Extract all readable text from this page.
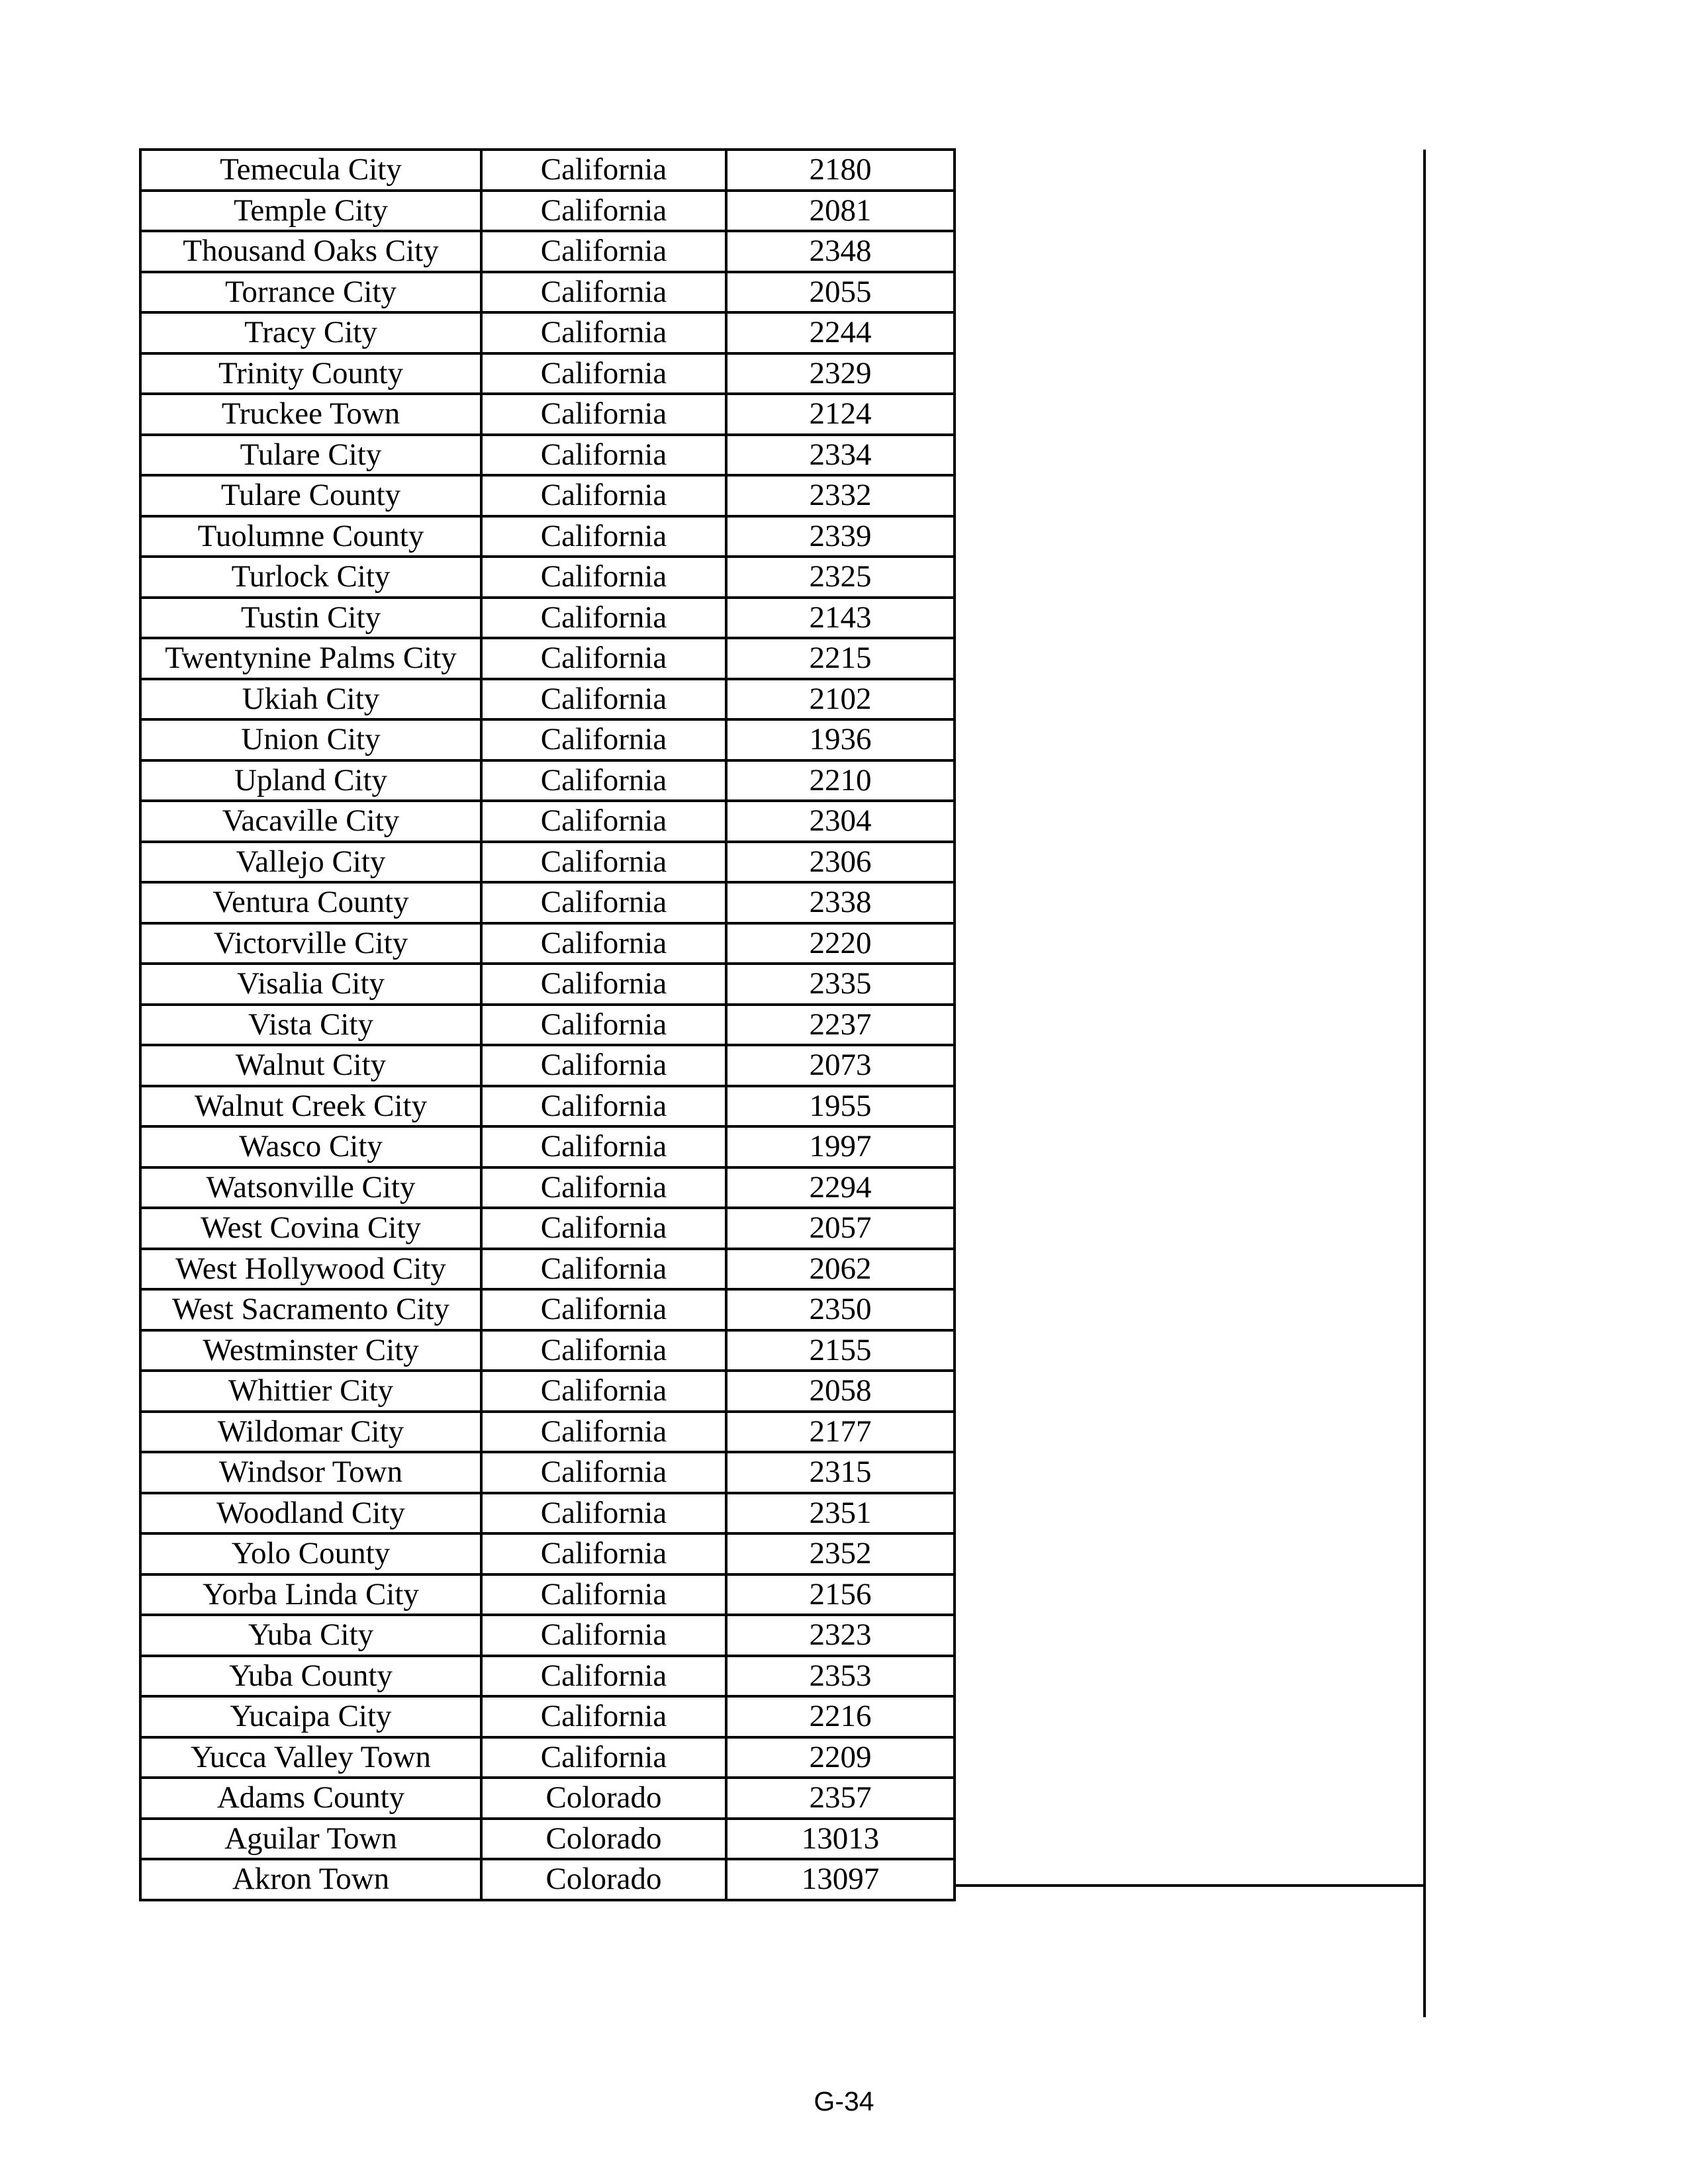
Temecula City	California	2180
Temple City	California	2081
Thousand Oaks City	California	2348
Torrance City	California	2055
Tracy City	California	2244
Trinity County	California	2329
Truckee Town	California	2124
Tulare City	California	2334
Tulare County	California	2332
Tuolumne County	California	2339
Turlock City	California	2325
Tustin City	California	2143
Twentynine Palms City	California	2215
Ukiah City	California	2102
Union City	California	1936
Upland City	California	2210
Vacaville City	California	2304
Vallejo City	California	2306
Ventura County	California	2338
Victorville City	California	2220
Visalia City	California	2335
Vista City	California	2237
Walnut City	California	2073
Walnut Creek City	California	1955
Wasco City	California	1997
Watsonville City	California	2294
West Covina City	California	2057
West Hollywood City	California	2062
West Sacramento City	California	2350
Westminster City	California	2155
Whittier City	California	2058
Wildomar City	California	2177
Windsor Town	California	2315
Woodland City	California	2351
Yolo County	California	2352
Yorba Linda City	California	2156
Yuba City	California	2323
Yuba County	California	2353
Yucaipa City	California	2216
Yucca Valley Town	California	2209
Adams County	Colorado	2357
Aguilar Town	Colorado	13013
Akron Town	Colorado	13097
G-34
